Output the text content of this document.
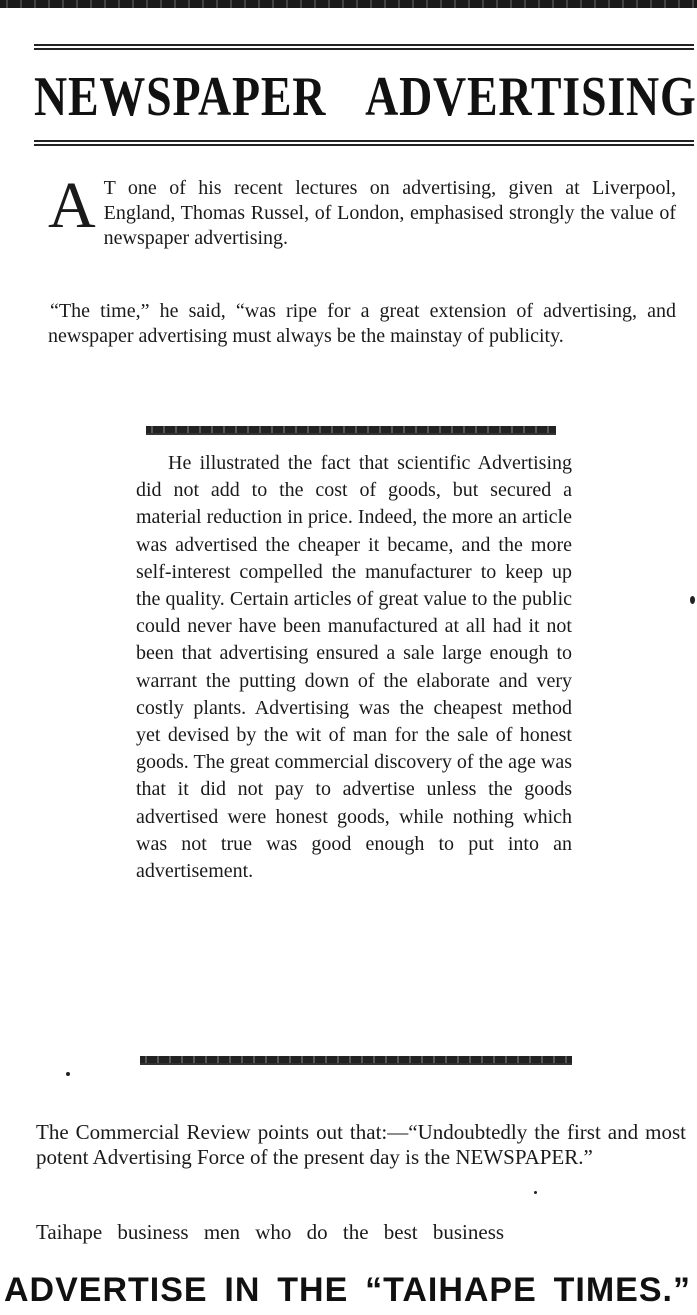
NEWSPAPER ADVERTISING
A T one of his recent lectures on advertising, given at Liverpool, England, Thomas Russel, of London, emphasised strongly the value of newspaper advertising.

“The time,” he said, “was ripe for a great extension of advertising, and newspaper advertising must always be the mainstay of publicity.

He illustrated the fact that scientific Advertising did not add to the cost of goods, but secured a material reduction in price. Indeed, the more an article was advertised the cheaper it became, and the more self-interest compelled the manufacturer to keep up the quality. Certain articles of great value to the public could never have been manufactured at all had it not been that advertising ensured a sale large enough to warrant the putting down of the elaborate and very costly plants. Advertising was the cheapest method yet devised by the wit of man for the sale of honest goods. The great commercial discovery of the age was that it did not pay to advertise unless the goods advertised were honest goods, while nothing which was not true was good enough to put into an advertisement.

The Commercial Review points out that:—“Undoubtedly the first and most potent Advertising Force of the present day is the NEWSPAPER.”

Taihape business men who do the best business

ADVERTISE IN THE “TAIHAPE TIMES.”
